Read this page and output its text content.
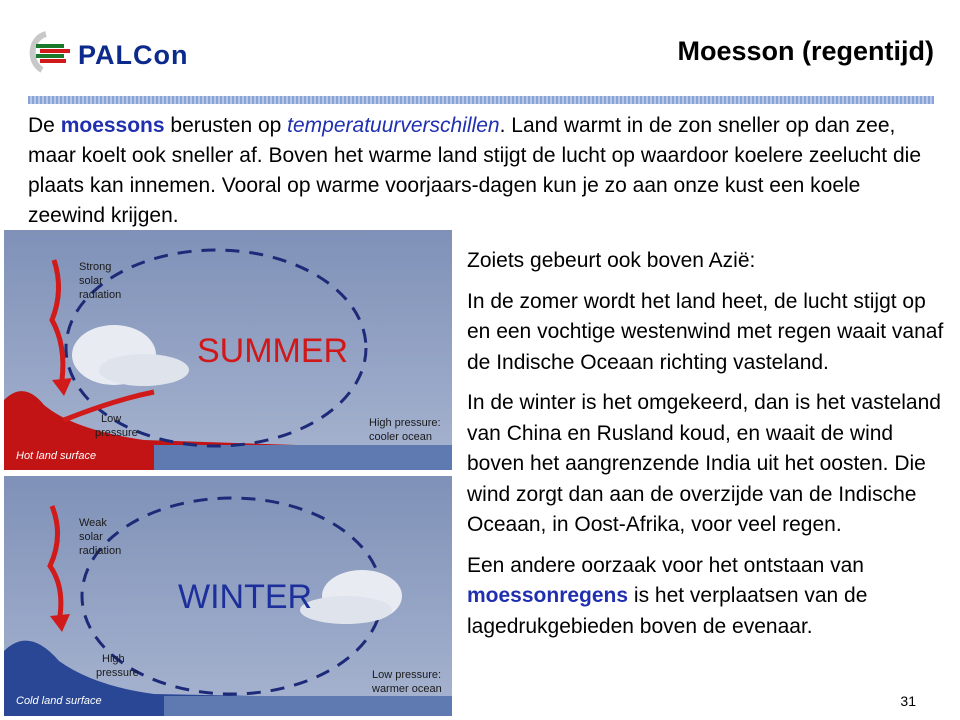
PALCon	Moesson (regentijd)
De moessons berusten op temperatuurverschillen. Land warmt in de zon sneller op dan zee, maar koelt ook sneller af. Boven het warme land stijgt de lucht op waardoor koelere zeelucht die plaats kan innemen. Vooral op warme voorjaars-dagen kun je zo aan onze kust een koele zeewind krijgen.
Strong
solar
radiation
SUMMER
Low
pressure
High pressure:
cooler ocean
Hot land surface
Weak
solar
radiation
WINTER
High
pressure	Low pressure:
warmer ocean
Cold land surface

Zoiets gebeurt ook boven Azië:

In de zomer wordt het land heet, de lucht stijgt op en een vochtige westenwind met regen waait vanaf de Indische Oceaan richting vasteland.

In de winter is het omgekeerd, dan is het vasteland van China en Rusland koud, en waait de wind boven het aangrenzende India uit het oosten. Die wind zorgt dan aan de overzijde van de Indische Oceaan, in Oost-Afrika, voor veel regen.

Een andere oorzaak voor het ontstaan van moessonregens is het verplaatsen van de lagedrukgebieden boven de evenaar.

31
